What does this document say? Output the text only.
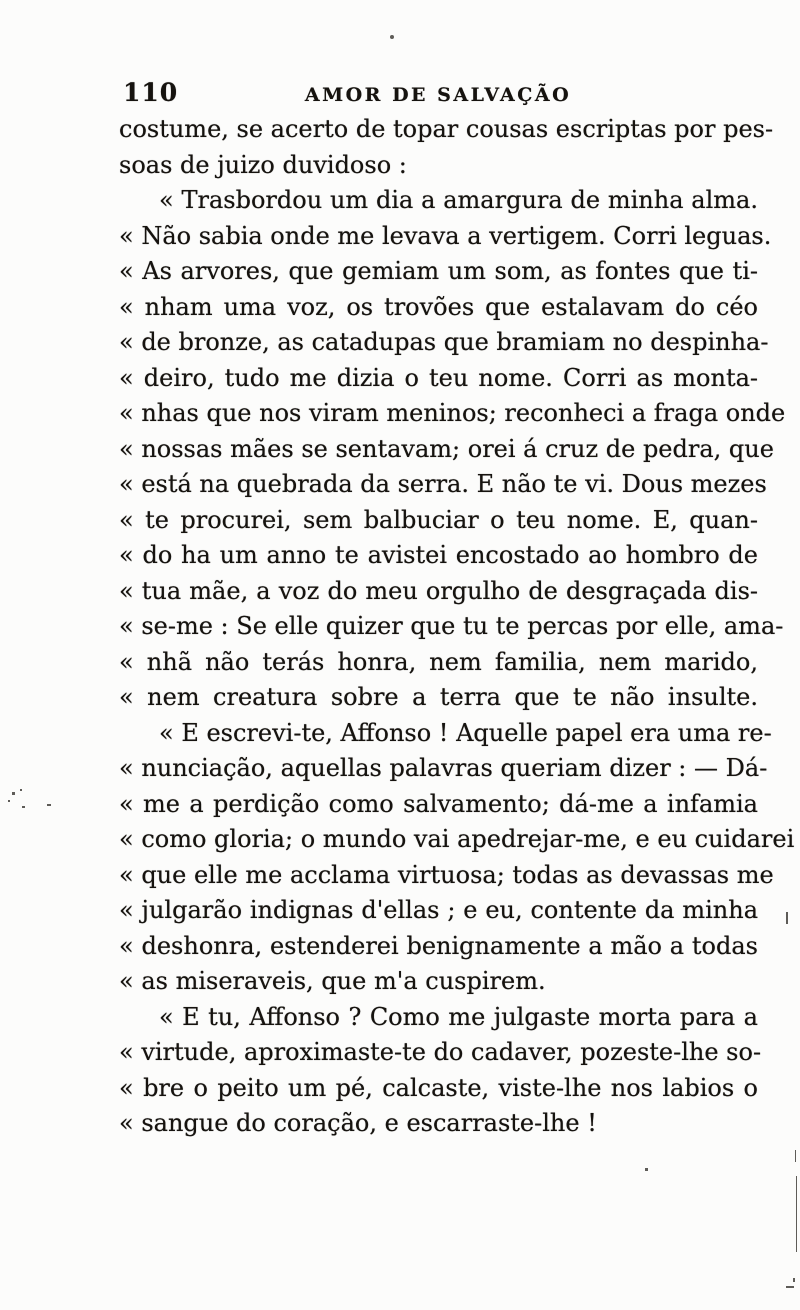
110	AMOR DE SALVAÇÃO
costume, se acerto de topar cousas escriptas por pes-
soas de juizo duvidoso :
« Trasbordou um dia a amargura de minha alma.
« Não sabia onde me levava a vertigem. Corri leguas.
« As arvores, que gemiam um som, as fontes que ti-
« nham uma voz, os trovões que estalavam do céo
« de bronze, as catadupas que bramiam no despinha-
« deiro, tudo me dizia o teu nome. Corri as monta-
« nhas que nos viram meninos; reconheci a fraga onde
« nossas mães se sentavam; orei á cruz de pedra, que
« está na quebrada da serra. E não te vi. Dous mezes
« te procurei, sem balbuciar o teu nome. E, quan-
« do ha um anno te avistei encostado ao hombro de
« tua mãe, a voz do meu orgulho de desgraçada dis-
« se-me : Se elle quizer que tu te percas por elle, ama-
« nhã não terás honra, nem familia, nem marido,
« nem creatura sobre a terra que te não insulte.
« E escrevi-te, Affonso ! Aquelle papel era uma re-
« nunciação, aquellas palavras queriam dizer : — Dá-
« me a perdição como salvamento; dá-me a infamia
« como gloria; o mundo vai apedrejar-me, e eu cuidarei
« que elle me acclama virtuosa; todas as devassas me
« julgarão indignas d'ellas ; e eu, contente da minha
« deshonra, estenderei benignamente a mão a todas
« as miseraveis, que m'a cuspirem.
« E tu, Affonso ? Como me julgaste morta para a
« virtude, aproximaste-te do cadaver, pozeste-lhe so-
« bre o peito um pé, calcaste, viste-lhe nos labios o
« sangue do coração, e escarraste-lhe !
